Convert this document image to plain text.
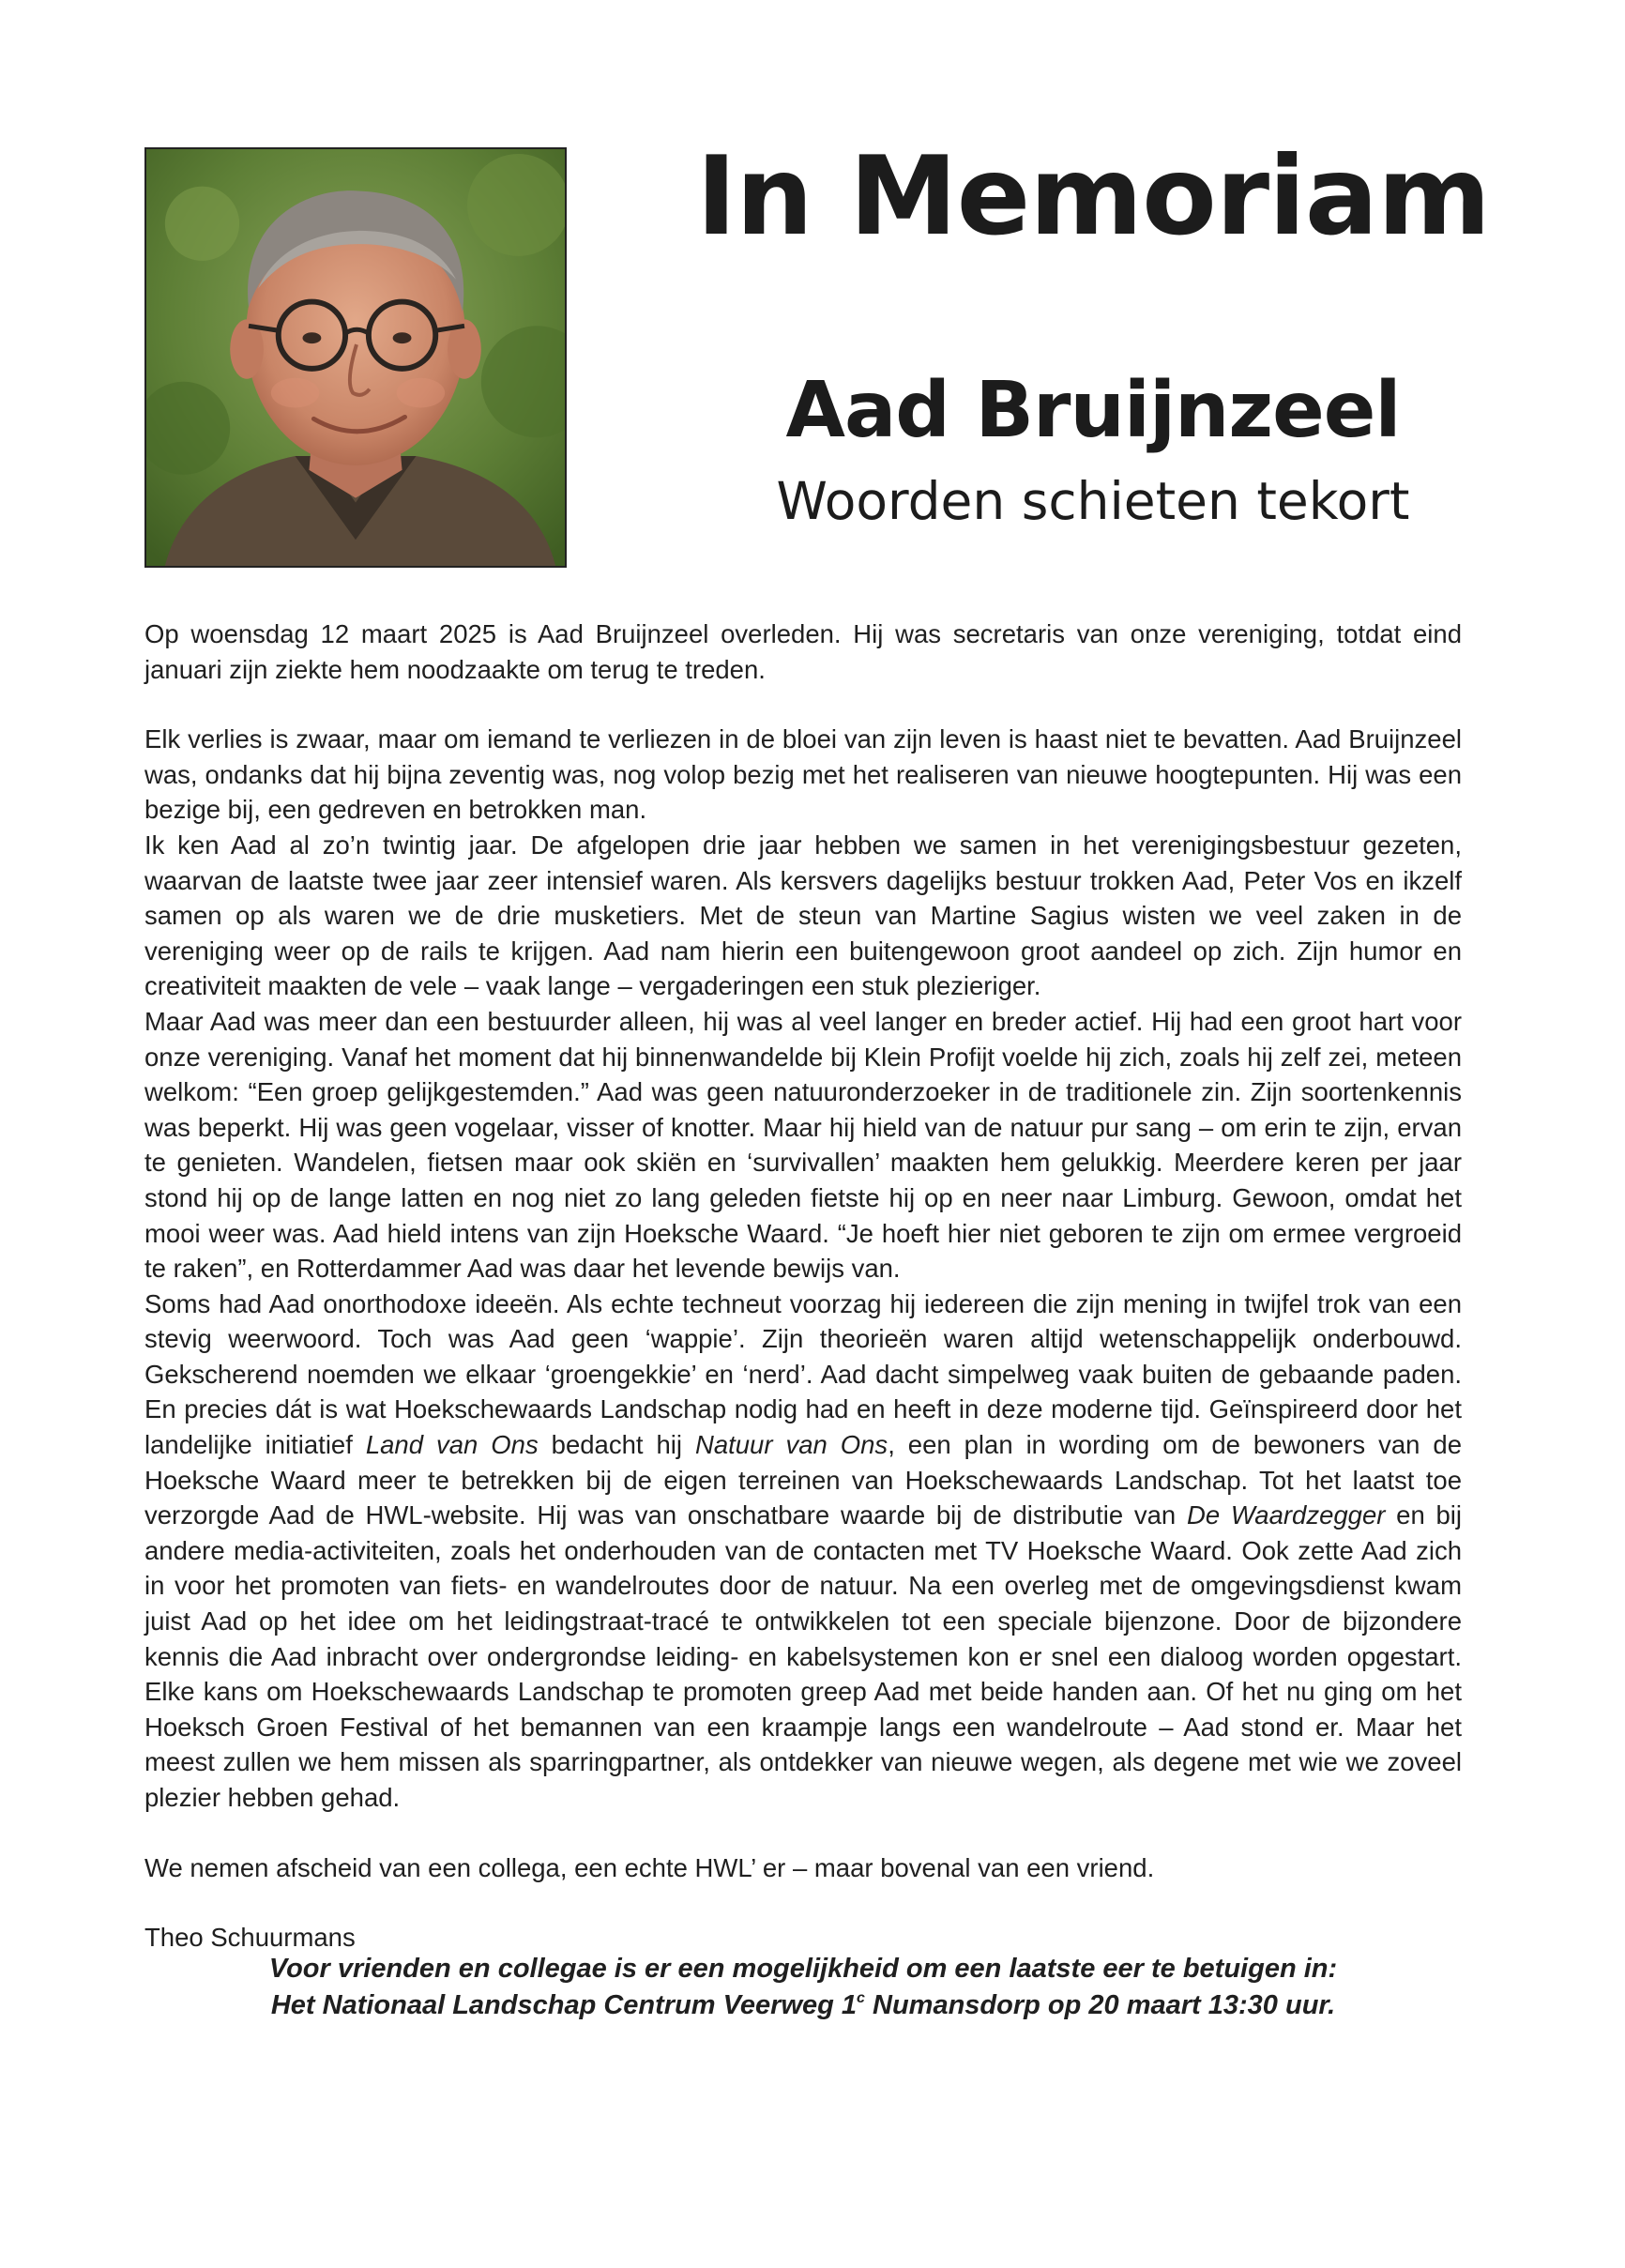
In Memoriam
Aad Bruijnzeel
Woorden schieten tekort

Op woensdag 12 maart 2025 is Aad Bruijnzeel overleden. Hij was secretaris van onze vereniging, totdat eind januari zijn ziekte hem noodzaakte om terug te treden.

Elk verlies is zwaar, maar om iemand te verliezen in de bloei van zijn leven is haast niet te bevatten. Aad Bruijnzeel was, ondanks dat hij bijna zeventig was, nog volop bezig met het realiseren van nieuwe hoogtepunten. Hij was een bezige bij, een gedreven en betrokken man.

Ik ken Aad al zo’n twintig jaar. De afgelopen drie jaar hebben we samen in het verenigingsbestuur gezeten, waarvan de laatste twee jaar zeer intensief waren. Als kersvers dagelijks bestuur trokken Aad, Peter Vos en ikzelf samen op als waren we de drie musketiers. Met de steun van Martine Sagius wisten we veel zaken in de vereniging weer op de rails te krijgen. Aad nam hierin een buitengewoon groot aandeel op zich. Zijn humor en creativiteit maakten de vele – vaak lange – vergaderingen een stuk plezieriger.

Maar Aad was meer dan een bestuurder alleen, hij was al veel langer en breder actief. Hij had een groot hart voor onze vereniging. Vanaf het moment dat hij binnenwandelde bij Klein Profijt voelde hij zich, zoals hij zelf zei, meteen welkom: “Een groep gelijkgestemden.” Aad was geen natuuronderzoeker in de traditionele zin. Zijn soortenkennis was beperkt. Hij was geen vogelaar, visser of knotter. Maar hij hield van de natuur pur sang – om erin te zijn, ervan te genieten. Wandelen, fietsen maar ook skiën en ‘survivallen’ maakten hem gelukkig. Meerdere keren per jaar stond hij op de lange latten en nog niet zo lang geleden fietste hij op en neer naar Limburg. Gewoon, omdat het mooi weer was. Aad hield intens van zijn Hoeksche Waard. “Je hoeft hier niet geboren te zijn om ermee vergroeid te raken”, en Rotterdammer Aad was daar het levende bewijs van.

Soms had Aad onorthodoxe ideeën. Als echte techneut voorzag hij iedereen die zijn mening in twijfel trok van een stevig weerwoord. Toch was Aad geen ‘wappie’. Zijn theorieën waren altijd wetenschappelijk onderbouwd. Gekscherend noemden we elkaar ‘groengekkie’ en ‘nerd’. Aad dacht simpelweg vaak buiten de gebaande paden. En precies dát is wat Hoekschewaards Landschap nodig had en heeft in deze moderne tijd. Geïnspireerd door het landelijke initiatief Land van Ons bedacht hij Natuur van Ons, een plan in wording om de bewoners van de Hoeksche Waard meer te betrekken bij de eigen terreinen van Hoekschewaards Landschap. Tot het laatst toe verzorgde Aad de HWL-website. Hij was van onschatbare waarde bij de distributie van De Waardzegger en bij andere media-activiteiten, zoals het onderhouden van de contacten met TV Hoeksche Waard. Ook zette Aad zich in voor het promoten van fiets- en wandelroutes door de natuur. Na een overleg met de omgevingsdienst kwam juist Aad op het idee om het leidingstraat-tracé te ontwikkelen tot een speciale bijenzone. Door de bijzondere kennis die Aad inbracht over ondergrondse leiding- en kabelsystemen kon er snel een dialoog worden opgestart. Elke kans om Hoekschewaards Landschap te promoten greep Aad met beide handen aan. Of het nu ging om het Hoeksch Groen Festival of het bemannen van een kraampje langs een wandelroute – Aad stond er. Maar het meest zullen we hem missen als sparringpartner, als ontdekker van nieuwe wegen, als degene met wie we zoveel plezier hebben gehad.

We nemen afscheid van een collega, een echte HWL’ er – maar bovenal van een vriend.

Theo Schuurmans

Voor vrienden en collegae is er een mogelijkheid om een laatste eer te betuigen in:
Het Nationaal Landschap Centrum Veerweg 1$^c$ Numansdorp op 20 maart 13:30 uur.
